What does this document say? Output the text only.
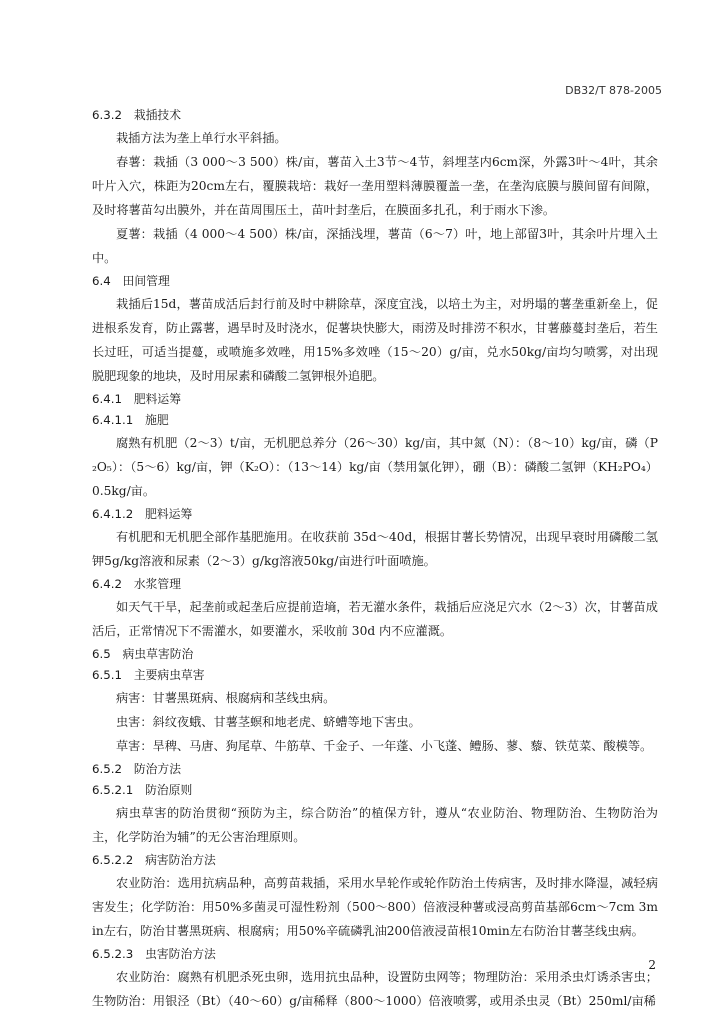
DB32/T 878-2005
6.3.2　栽插技术
栽插方法为垄上单行水平斜插。
春薯：栽插（3 000～3 500）株/亩，薯苗入土3节～4节，斜埋茎内6cm深，外露3叶～4叶，其余叶片入穴，株距为20cm左右，覆膜栽培：栽好一垄用塑料薄膜覆盖一垄，在垄沟底膜与膜间留有间隙，及时将薯苗勾出膜外，并在苗周围压土，苗叶封垄后，在膜面多扎孔，利于雨水下渗。
夏薯：栽插（4 000～4 500）株/亩，深插浅埋，薯苗（6～7）叶，地上部留3叶，其余叶片埋入土中。
6.4　田间管理
栽插后15d，薯苗成活后封行前及时中耕除草，深度宜浅，以培土为主，对坍塌的薯垄重新垒上，促进根系发育，防止露薯，遇旱时及时浇水，促薯块快膨大，雨涝及时排涝不积水，甘薯藤蔓封垄后，若生长过旺，可适当提蔓，或喷施多效唑，用15%多效唑（15～20）g/亩，兑水50kg/亩均匀喷雾，对出现脱肥现象的地块，及时用尿素和磷酸二氢钾根外追肥。
6.4.1　肥料运筹
6.4.1.1　施肥
腐熟有机肥（2～3）t/亩，无机肥总养分（26～30）kg/亩，其中氮（N）：（8～10）kg/亩，磷（P₂O₅）：（5～6）kg/亩，钾（K₂O）：（13～14）kg/亩（禁用氯化钾），硼（B）：磷酸二氢钾（KH₂PO₄）0.5kg/亩。
6.4.1.2　肥料运筹
有机肥和无机肥全部作基肥施用。在收获前 35d～40d，根据甘薯长势情况，出现早衰时用磷酸二氢钾5g/kg溶液和尿素（2～3）g/kg溶液50kg/亩进行叶面喷施。
6.4.2　水浆管理
如天气干旱，起垄前或起垄后应提前造墒，若无灌水条件，栽插后应浇足穴水（2～3）次，甘薯苗成活后，正常情况下不需灌水，如要灌水，采收前 30d 内不应灌溉。
6.5　病虫草害防治
6.5.1　主要病虫草害
病害：甘薯黑斑病、根腐病和茎线虫病。
虫害：斜纹夜蛾、甘薯茎螟和地老虎、蛴螬等地下害虫。
草害：旱稗、马唐、狗尾草、牛筋草、千金子、一年蓬、小飞蓬、鳢肠、蓼、藜、铁苋菜、酸模等。
6.5.2　防治方法
6.5.2.1　防治原则
病虫草害的防治贯彻“预防为主，综合防治”的植保方针，遵从“农业防治、物理防治、生物防治为主，化学防治为辅”的无公害治理原则。
6.5.2.2　病害防治方法
农业防治：选用抗病品种，高剪苗栽插，采用水旱轮作或轮作防治土传病害，及时排水降湿，减轻病害发生；化学防治：用50%多菌灵可湿性粉剂（500～800）倍液浸种薯或浸高剪苗基部6cm～7cm 3min左右，防治甘薯黑斑病、根腐病；用50%辛硫磷乳油200倍液浸苗根10min左右防治甘薯茎线虫病。
6.5.2.3　虫害防治方法
农业防治：腐熟有机肥杀死虫卵，选用抗虫品种，设置防虫网等；物理防治：采用杀虫灯诱杀害虫；生物防治：用银泾（Bt）（40～60）g/亩稀释（800～1000）倍液喷雾，或用杀虫灵（Bt）250ml/亩稀
2
